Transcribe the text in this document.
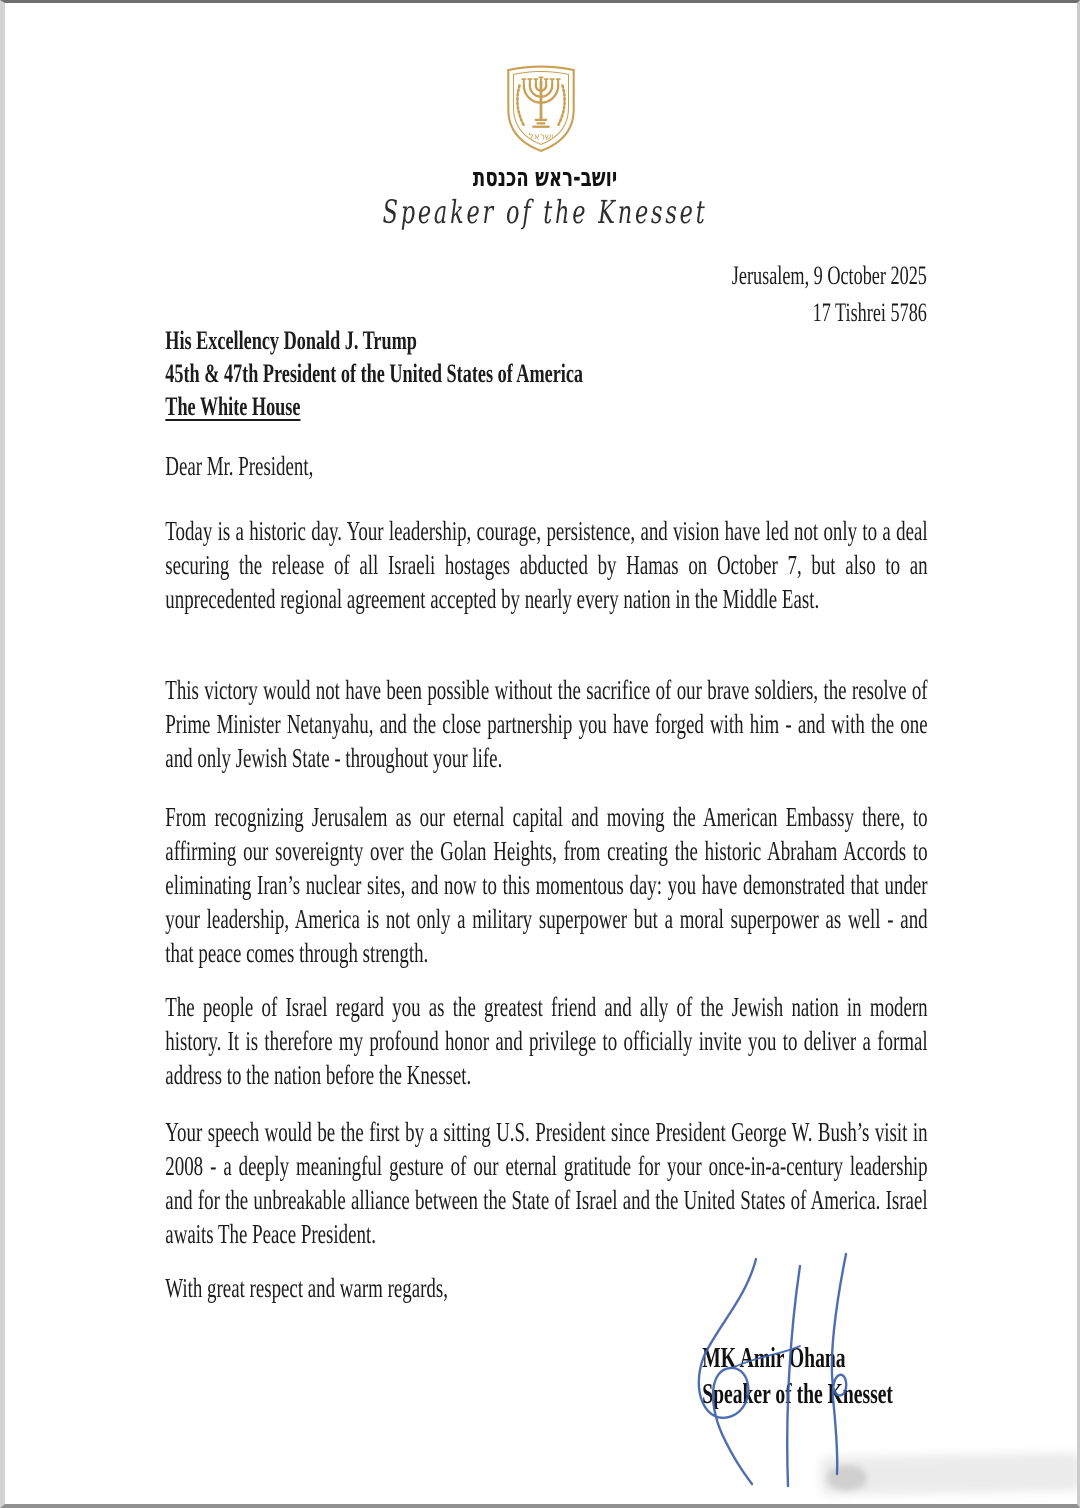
ישראל
יושב-ראש הכנסת
Speaker of the Knesset
Jerusalem, 9 October 2025
17 Tishrei 5786
His Excellency Donald J. Trump
45th & 47th President of the United States of America
The White House
Dear Mr. President,

Today is a historic day. Your leadership, courage, persistence, and vision have led not only to a deal securing the release of all Israeli hostages abducted by Hamas on October 7, but also to an unprecedented regional agreement accepted by nearly every nation in the Middle East.

This victory would not have been possible without the sacrifice of our brave soldiers, the resolve of Prime Minister Netanyahu, and the close partnership you have forged with him - and with the one and only Jewish State - throughout your life.

From recognizing Jerusalem as our eternal capital and moving the American Embassy there, to affirming our sovereignty over the Golan Heights, from creating the historic Abraham Accords to eliminating Iran’s nuclear sites, and now to this momentous day: you have demonstrated that under your leadership, America is not only a military superpower but a moral superpower as well - and that peace comes through strength.

The people of Israel regard you as the greatest friend and ally of the Jewish nation in modern history. It is therefore my profound honor and privilege to officially invite you to deliver a formal address to the nation before the Knesset.

Your speech would be the first by a sitting U.S. President since President George W. Bush’s visit in 2008 - a deeply meaningful gesture of our eternal gratitude for your once-in-a-century leadership and for the unbreakable alliance between the State of Israel and the United States of America. Israel awaits The Peace President.

With great respect and warm regards,
MK Amir Ohana
Speaker of the Knesset
